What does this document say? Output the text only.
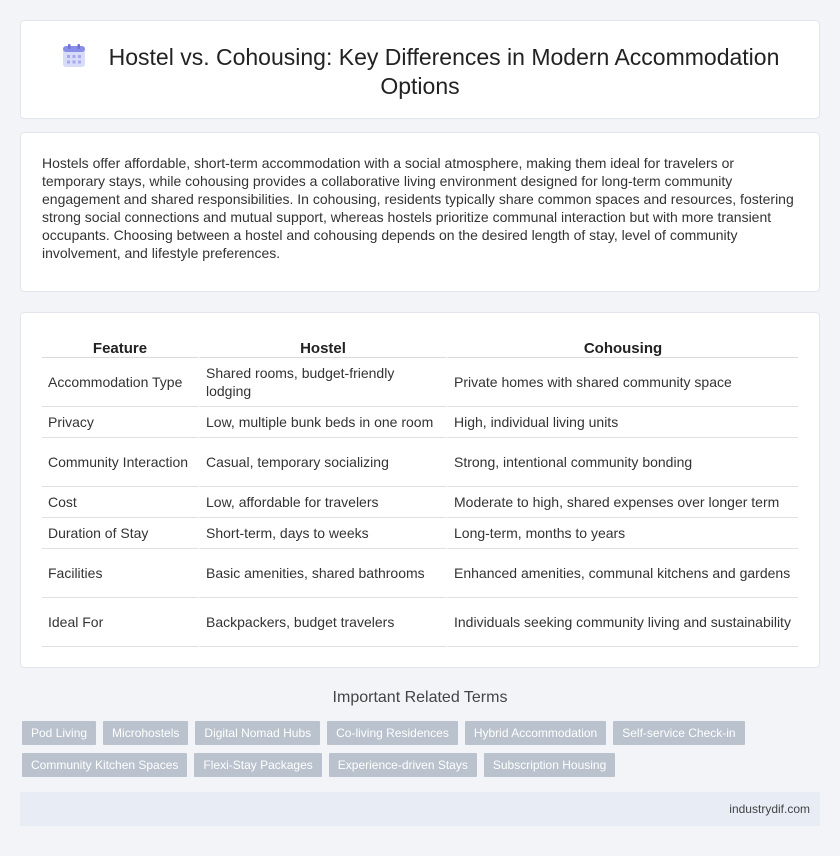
Hostel vs. Cohousing: Key Differences in Modern Accommodation Options

Hostels offer affordable, short-term accommodation with a social atmosphere, making them ideal for travelers or temporary stays, while cohousing provides a collaborative living environment designed for long-term community engagement and shared responsibilities. In cohousing, residents typically share common spaces and resources, fostering strong social connections and mutual support, whereas hostels prioritize communal interaction but with more transient occupants. Choosing between a hostel and cohousing depends on the desired length of stay, level of community involvement, and lifestyle preferences.

Feature	Hostel	Cohousing
Accommodation Type	Shared rooms, budget-friendly lodging	Private homes with shared community space
Privacy	Low, multiple bunk beds in one room	High, individual living units
Community Interaction	Casual, temporary socializing	Strong, intentional community bonding
Cost	Low, affordable for travelers	Moderate to high, shared expenses over longer term
Duration of Stay	Short-term, days to weeks	Long-term, months to years
Facilities	Basic amenities, shared bathrooms	Enhanced amenities, communal kitchens and gardens
Ideal For	Backpackers, budget travelers	Individuals seeking community living and sustainability
Important Related Terms
Pod Living	Microhostels	Digital Nomad Hubs	Co-living Residences	Hybrid Accommodation	Self-service Check-in
Community Kitchen Spaces	Flexi-Stay Packages	Experience-driven Stays	Subscription Housing
industrydif.com
